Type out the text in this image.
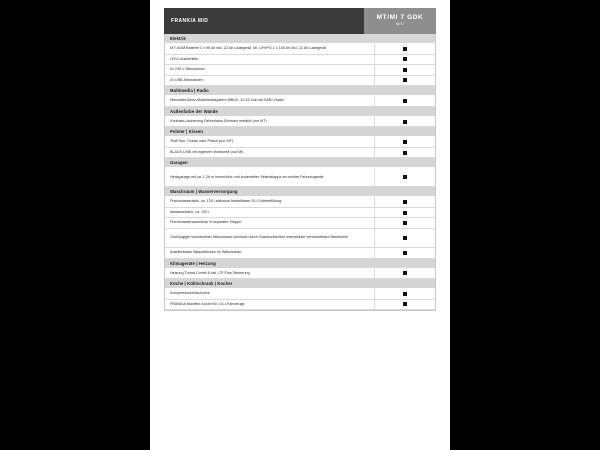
FRANKIA MID
MT/MI 7 GDK
M/O
Elektrik
MT: AGM Batterie 1 x 95 Ah inkl. 22 Ah Ladegerät, MI: LiFePO 1 x 105 Ah inkl. 22 Ah Ladegerät
LED-Leuchtmittel
2x 230 V-Steckdosen
2x USB-Steckdosen
Multimedia | Radio
Mercedes-Benz-Multimediasystem MBUX, 10,25 Zoll mit DAB+-Radio
Außenfarbe der Wände
Kontrast-Lackierung Fahrerhaus Schwarz metallic (nur MT)
Polster | Kissen
Stoff Sun, Ocean oder Peach (nur MT)
BLACK LINE mit eigenem Wohnwelt (nur MI)
Garagen
Heckgarage mit ca. 1,26 m Innenhöhe und bodentiefer Seitenklappe an rechter Fahrzeugseite
Waschraum | Wasserversorgung
Frischwassertank, ca. 120 l inklusive Ansteilbarer 20 l-Fahrbefüllung
Abwassertank, ca. 100 l
Frischwasseranschluss in separater Klappe
Großzügiger kombinierter Waschraum inklusive durch Gasdruckfedern unterstützte verschiebbare Bankbohle
Ausfahrbares Waschbecken im Waschraum
Klimageräte | Heizung
Heizung Truma Combi 6 inkl. CP Plus Steuerung
Küche | Kühlschrank | Kocher
Kompressorkühlschrank
FRANKIA Maxiflex-Küche für 3,5-t-Fahrzeuge
